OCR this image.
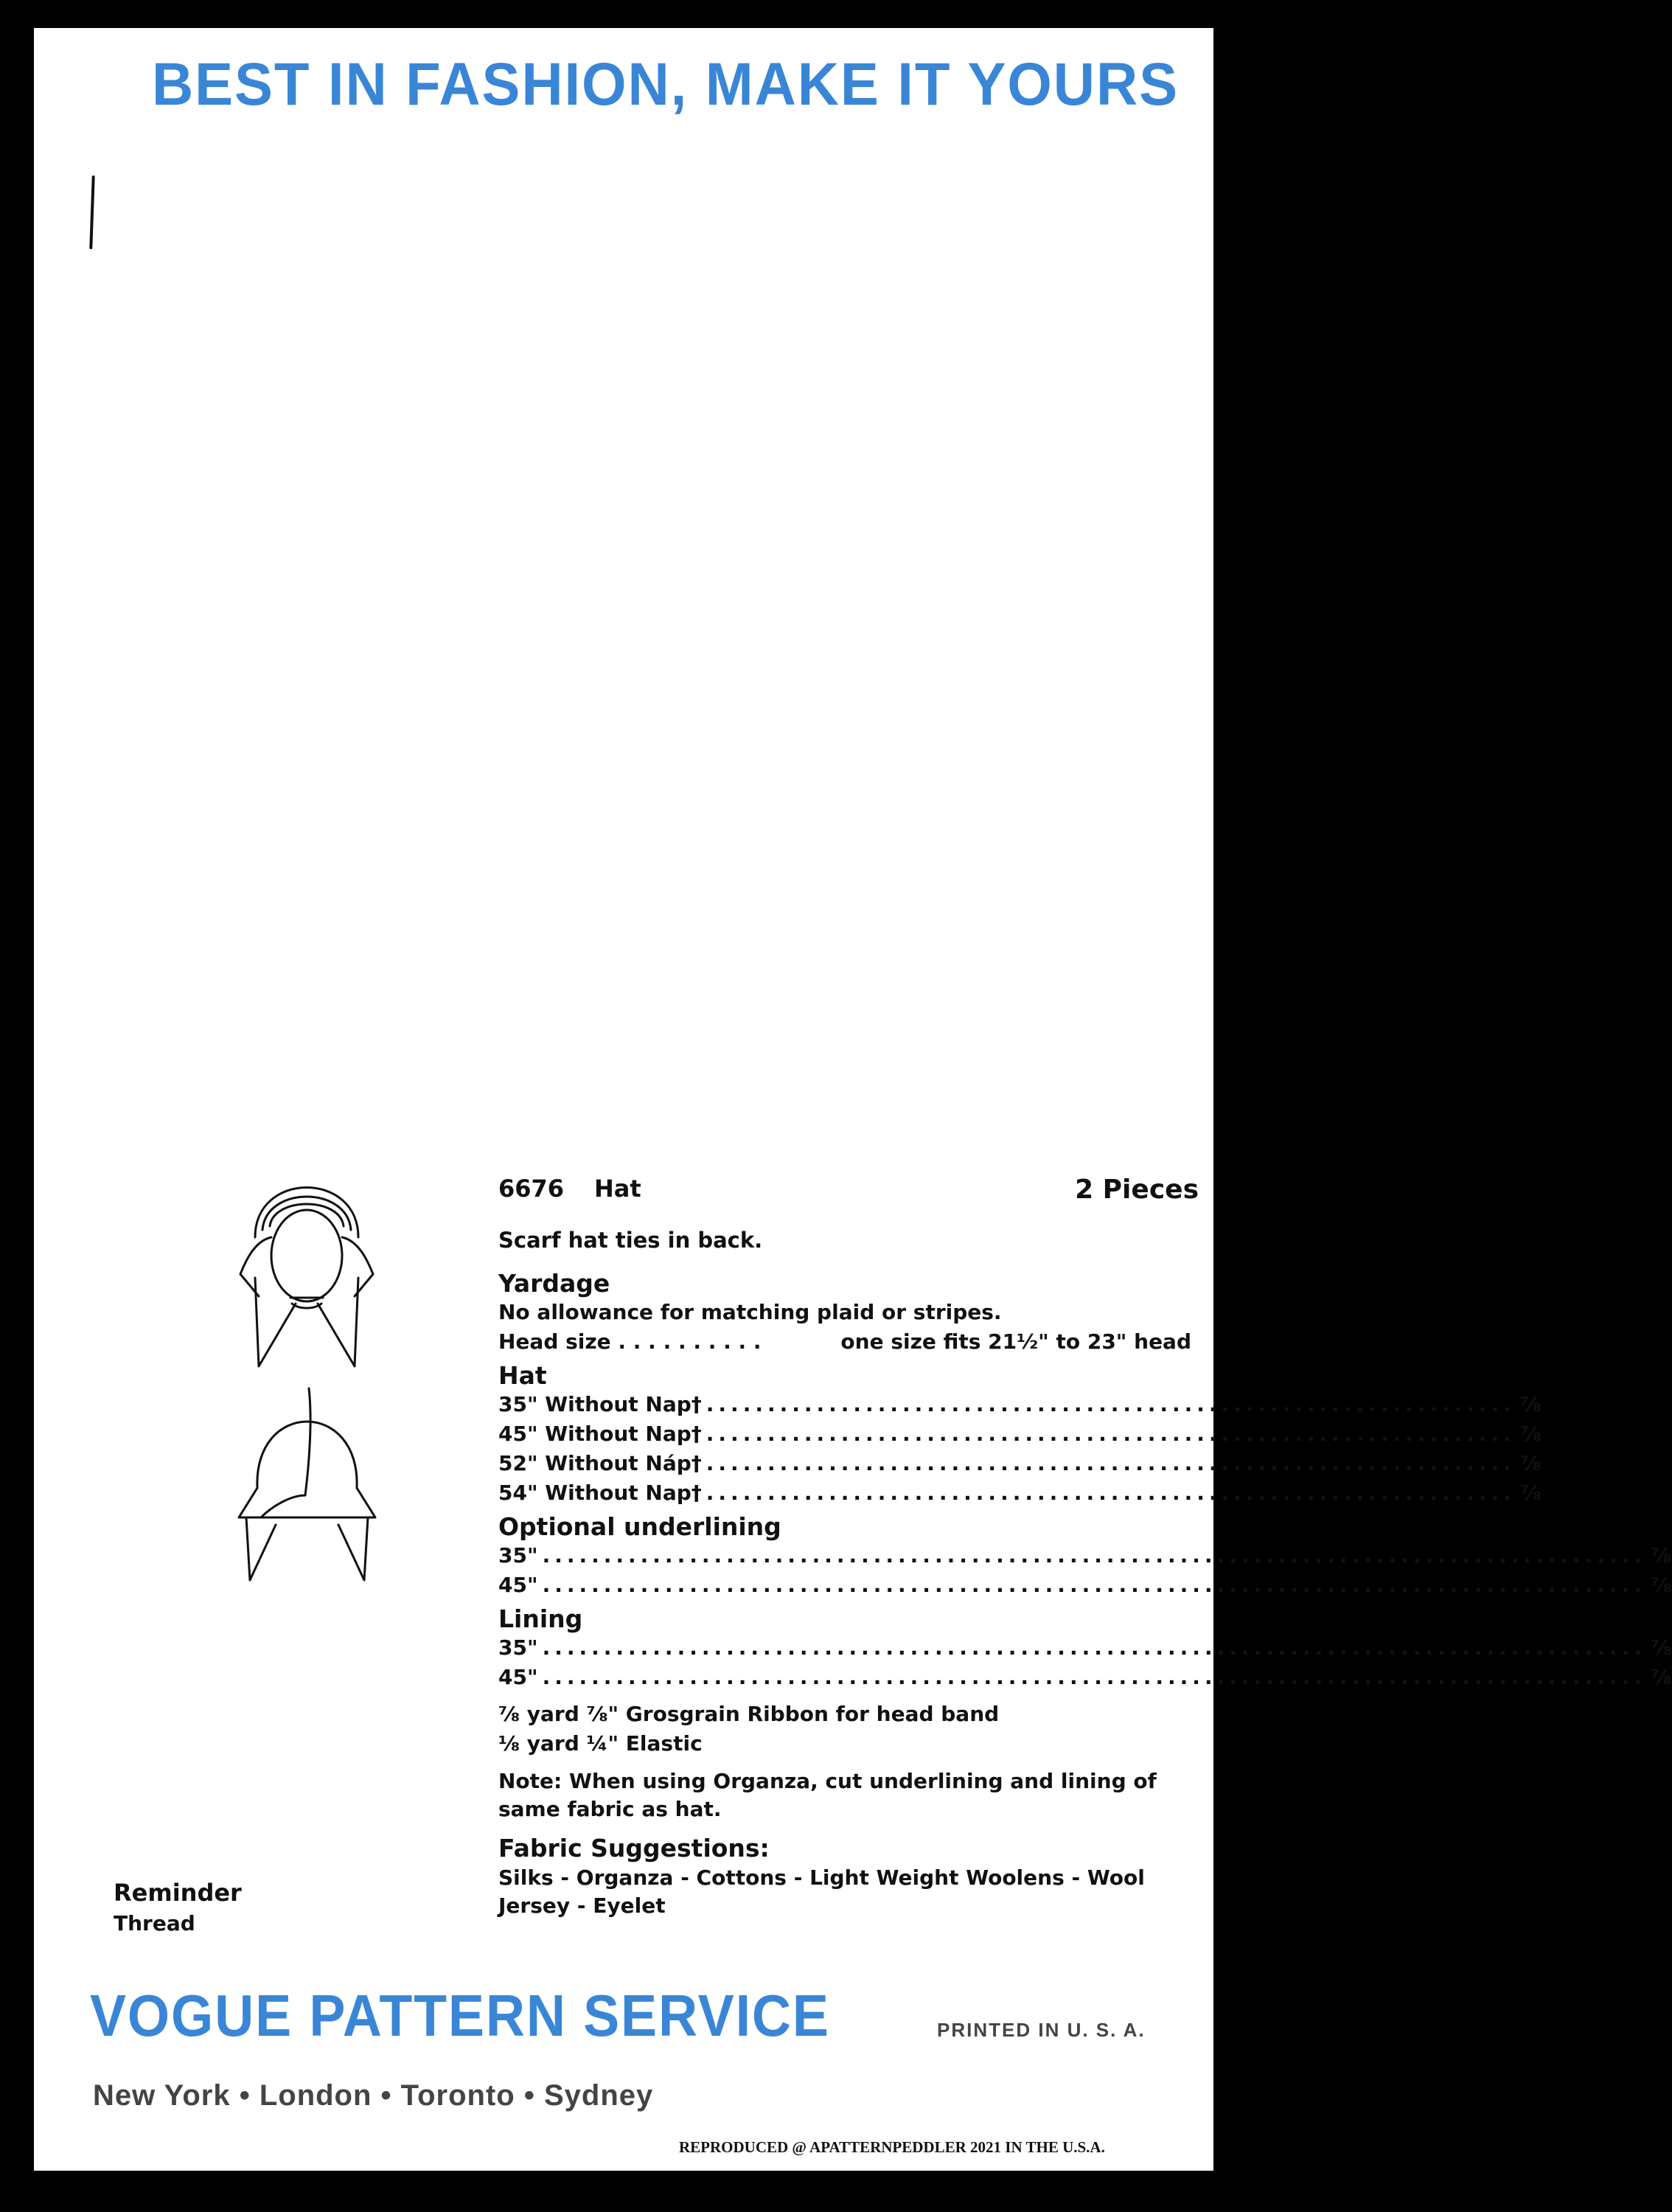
BEST IN FASHION, MAKE IT YOURS
6676 Hat	2 Pieces
Scarf hat ties in back.
Yardage
No allowance for matching plaid or stripes.
Head size . . . . . . . . . .	one size fits 21½" to 23" head
Hat
35" Without Nap† .................................................................. ⅞
45" Without Nap† .................................................................. ⅞
52" Without Náp† .................................................................. ⅞
54" Without Nap† .................................................................. ⅞
Optional underlining
35" .......................................................................................... ⅞
45" .......................................................................................... ⅞
Lining
35" .......................................................................................... ⅞
45" .......................................................................................... ⅞
⅞ yard ⅞" Grosgrain Ribbon for head band
⅛ yard ¼" Elastic
Note: When using Organza, cut underlining and lining of same fabric as hat.
Fabric Suggestions:
Silks - Organza - Cottons - Light Weight Woolens - Wool Jersey - Eyelet
Reminder
Thread
VOGUE PATTERN SERVICE	PRINTED IN U. S. A.
New York • London • Toronto • Sydney
REPRODUCED @ APATTERNPEDDLER 2021 IN THE U.S.A.
